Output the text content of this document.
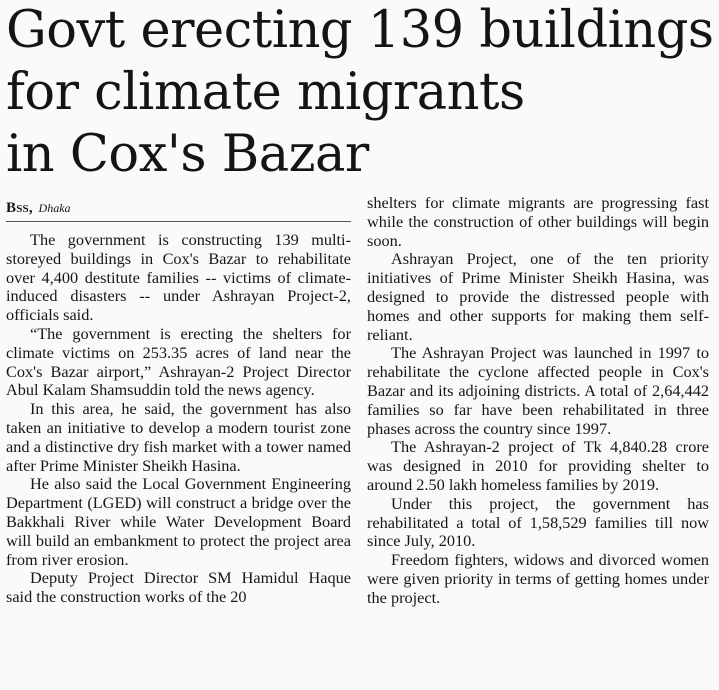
Govt erecting 139 buildings
for climate migrants
in Cox's Bazar
Bss, Dhaka

The government is constructing 139 multi-storeyed buildings in Cox's Bazar to rehabilitate over 4,400 destitute families -- victims of climate-induced disasters -- under Ashrayan Project-2, officials said.

“The government is erecting the shelters for climate victims on 253.35 acres of land near the Cox's Bazar airport,” Ashrayan-2 Project Director Abul Kalam Shamsuddin told the news agency.

In this area, he said, the government has also taken an initiative to develop a modern tourist zone and a distinctive dry fish market with a tower named after Prime Minister Sheikh Hasina.

He also said the Local Government Engineering Department (LGED) will construct a bridge over the Bakkhali River while Water Development Board will build an embankment to protect the project area from river erosion.

Deputy Project Director SM Hamidul Haque said the construction works of the 20

shelters for climate migrants are progressing fast while the construction of other buildings will begin soon.

Ashrayan Project, one of the ten priority initiatives of Prime Minister Sheikh Hasina, was designed to provide the distressed people with homes and other supports for making them self-reliant.

The Ashrayan Project was launched in 1997 to rehabilitate the cyclone affected people in Cox's Bazar and its adjoining districts. A total of 2,64,442 families so far have been rehabilitated in three phases across the country since 1997.

The Ashrayan-2 project of Tk 4,840.28 crore was designed in 2010 for providing shelter to around 2.50 lakh homeless families by 2019.

Under this project, the government has rehabilitated a total of 1,58,529 families till now since July, 2010.

Freedom fighters, widows and divorced women were given priority in terms of getting homes under the project.
